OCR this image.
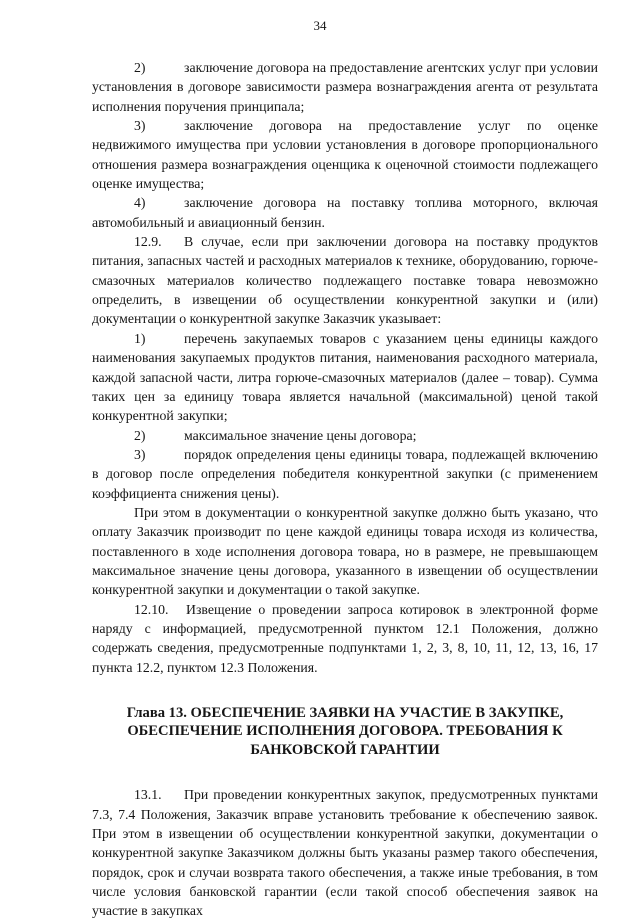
34

2)	заключение договора на предоставление агентских услуг при условии установления в договоре зависимости размера вознаграждения агента от результата исполнения поручения принципала;

3)	заключение договора на предоставление услуг по оценке недвижимого имущества при условии установления в договоре пропорционального отношения размера вознаграждения оценщика к оценочной стоимости подлежащего оценке имущества;

4)	заключение договора на поставку топлива моторного, включая автомобильный и авиационный бензин.

12.9. В случае, если при заключении договора на поставку продуктов питания, запасных частей и расходных материалов к технике, оборудованию, горюче-смазочных материалов количество подлежащего поставке товара невозможно определить, в извещении об осуществлении конкурентной закупки и (или) документации о конкурентной закупке Заказчик указывает:

1)	перечень закупаемых товаров с указанием цены единицы каждого наименования закупаемых продуктов питания, наименования расходного материала, каждой запасной части, литра горюче-смазочных материалов (далее – товар). Сумма таких цен за единицу товара является начальной (максимальной) ценой такой конкурентной закупки;

2)	максимальное значение цены договора;

3)	порядок определения цены единицы товара, подлежащей включению в договор после определения победителя конкурентной закупки (с применением коэффициента снижения цены).

При этом в документации о конкурентной закупке должно быть указано, что оплату Заказчик производит по цене каждой единицы товара исходя из количества, поставленного в ходе исполнения договора товара, но в размере, не превышающем максимальное значение цены договора, указанного в извещении об осуществлении конкурентной закупки и документации о такой закупке.

12.10. Извещение о проведении запроса котировок в электронной форме наряду с информацией, предусмотренной пунктом 12.1 Положения, должно содержать сведения, предусмотренные подпунктами 1, 2, 3, 8, 10, 11, 12, 13, 16, 17 пункта 12.2, пунктом 12.3 Положения.

Глава 13. ОБЕСПЕЧЕНИЕ ЗАЯВКИ НА УЧАСТИЕ В ЗАКУПКЕ,
ОБЕСПЕЧЕНИЕ ИСПОЛНЕНИЯ ДОГОВОРА. ТРЕБОВАНИЯ К
БАНКОВСКОЙ ГАРАНТИИ

13.1. При проведении конкурентных закупок, предусмотренных пунктами 7.3, 7.4 Положения, Заказчик вправе установить требование к обеспечению заявок. При этом в извещении об осуществлении конкурентной закупки, документации о конкурентной закупке Заказчиком должны быть указаны размер такого обеспечения, порядок, срок и случаи возврата такого обеспечения, а также иные требования, в том числе условия банковской гарантии (если такой способ обеспечения заявок на участие в закупках
